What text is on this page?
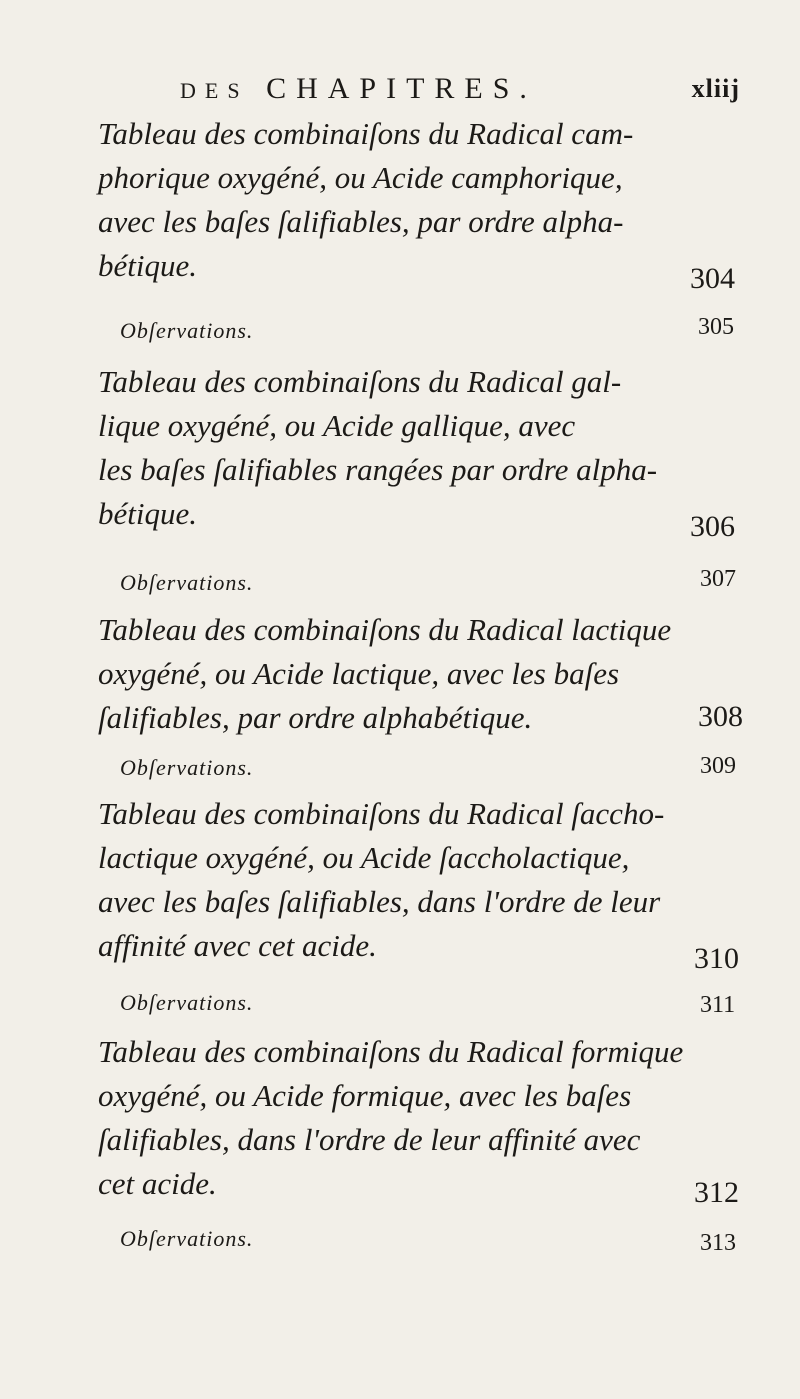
DES CHAPITRES.	xliij
Tableau des combinaiſons du Radical cam-
phorique oxygéné, ou Acide camphorique,
avec les baſes ſalifiables, par ordre alpha-
bétique.	304
Obſervations.	305
Tableau des combinaiſons du Radical gal-
lique oxygéné, ou Acide gallique, avec
les baſes ſalifiables rangées par ordre alpha-
bétique.	306
Obſervations.	307
Tableau des combinaiſons du Radical lactique
oxygéné, ou Acide lactique, avec les baſes
ſalifiables, par ordre alphabétique.	308
Obſervations.	309
Tableau des combinaiſons du Radical ſaccho-
lactique oxygéné, ou Acide ſaccholactique,
avec les baſes ſalifiables, dans l'ordre de leur
affinité avec cet acide.	310
Obſervations.	311
Tableau des combinaiſons du Radical formique
oxygéné, ou Acide formique, avec les baſes
ſalifiables, dans l'ordre de leur affinité avec
cet acide.	312
Obſervations.	313
